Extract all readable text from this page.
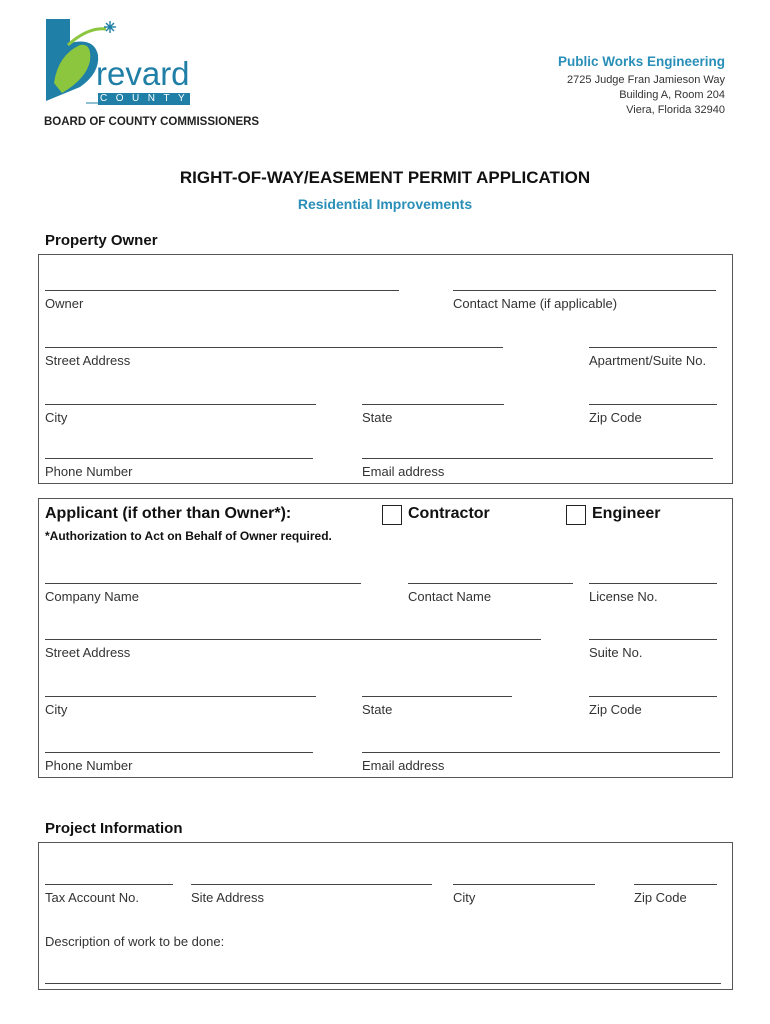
revard
COUNTY
BOARD OF COUNTY COMMISSIONERS
Public Works Engineering
2725 Judge Fran Jamieson Way
Building A, Room 204
Viera, Florida 32940
RIGHT-OF-WAY/EASEMENT PERMIT APPLICATION
Residential Improvements
Property Owner
Owner	Contact Name (if applicable)
Street Address	Apartment/Suite No.
City	State	Zip Code
Phone Number	Email address
Applicant (if other than Owner*):	Contractor	Engineer
*Authorization to Act on Behalf of Owner required.
Company Name	Contact Name	License No.
Street Address	Suite No.
City	State	Zip Code
Phone Number	Email address
Project Information
Tax Account No.	Site Address	City	Zip Code
Description of work to be done:
